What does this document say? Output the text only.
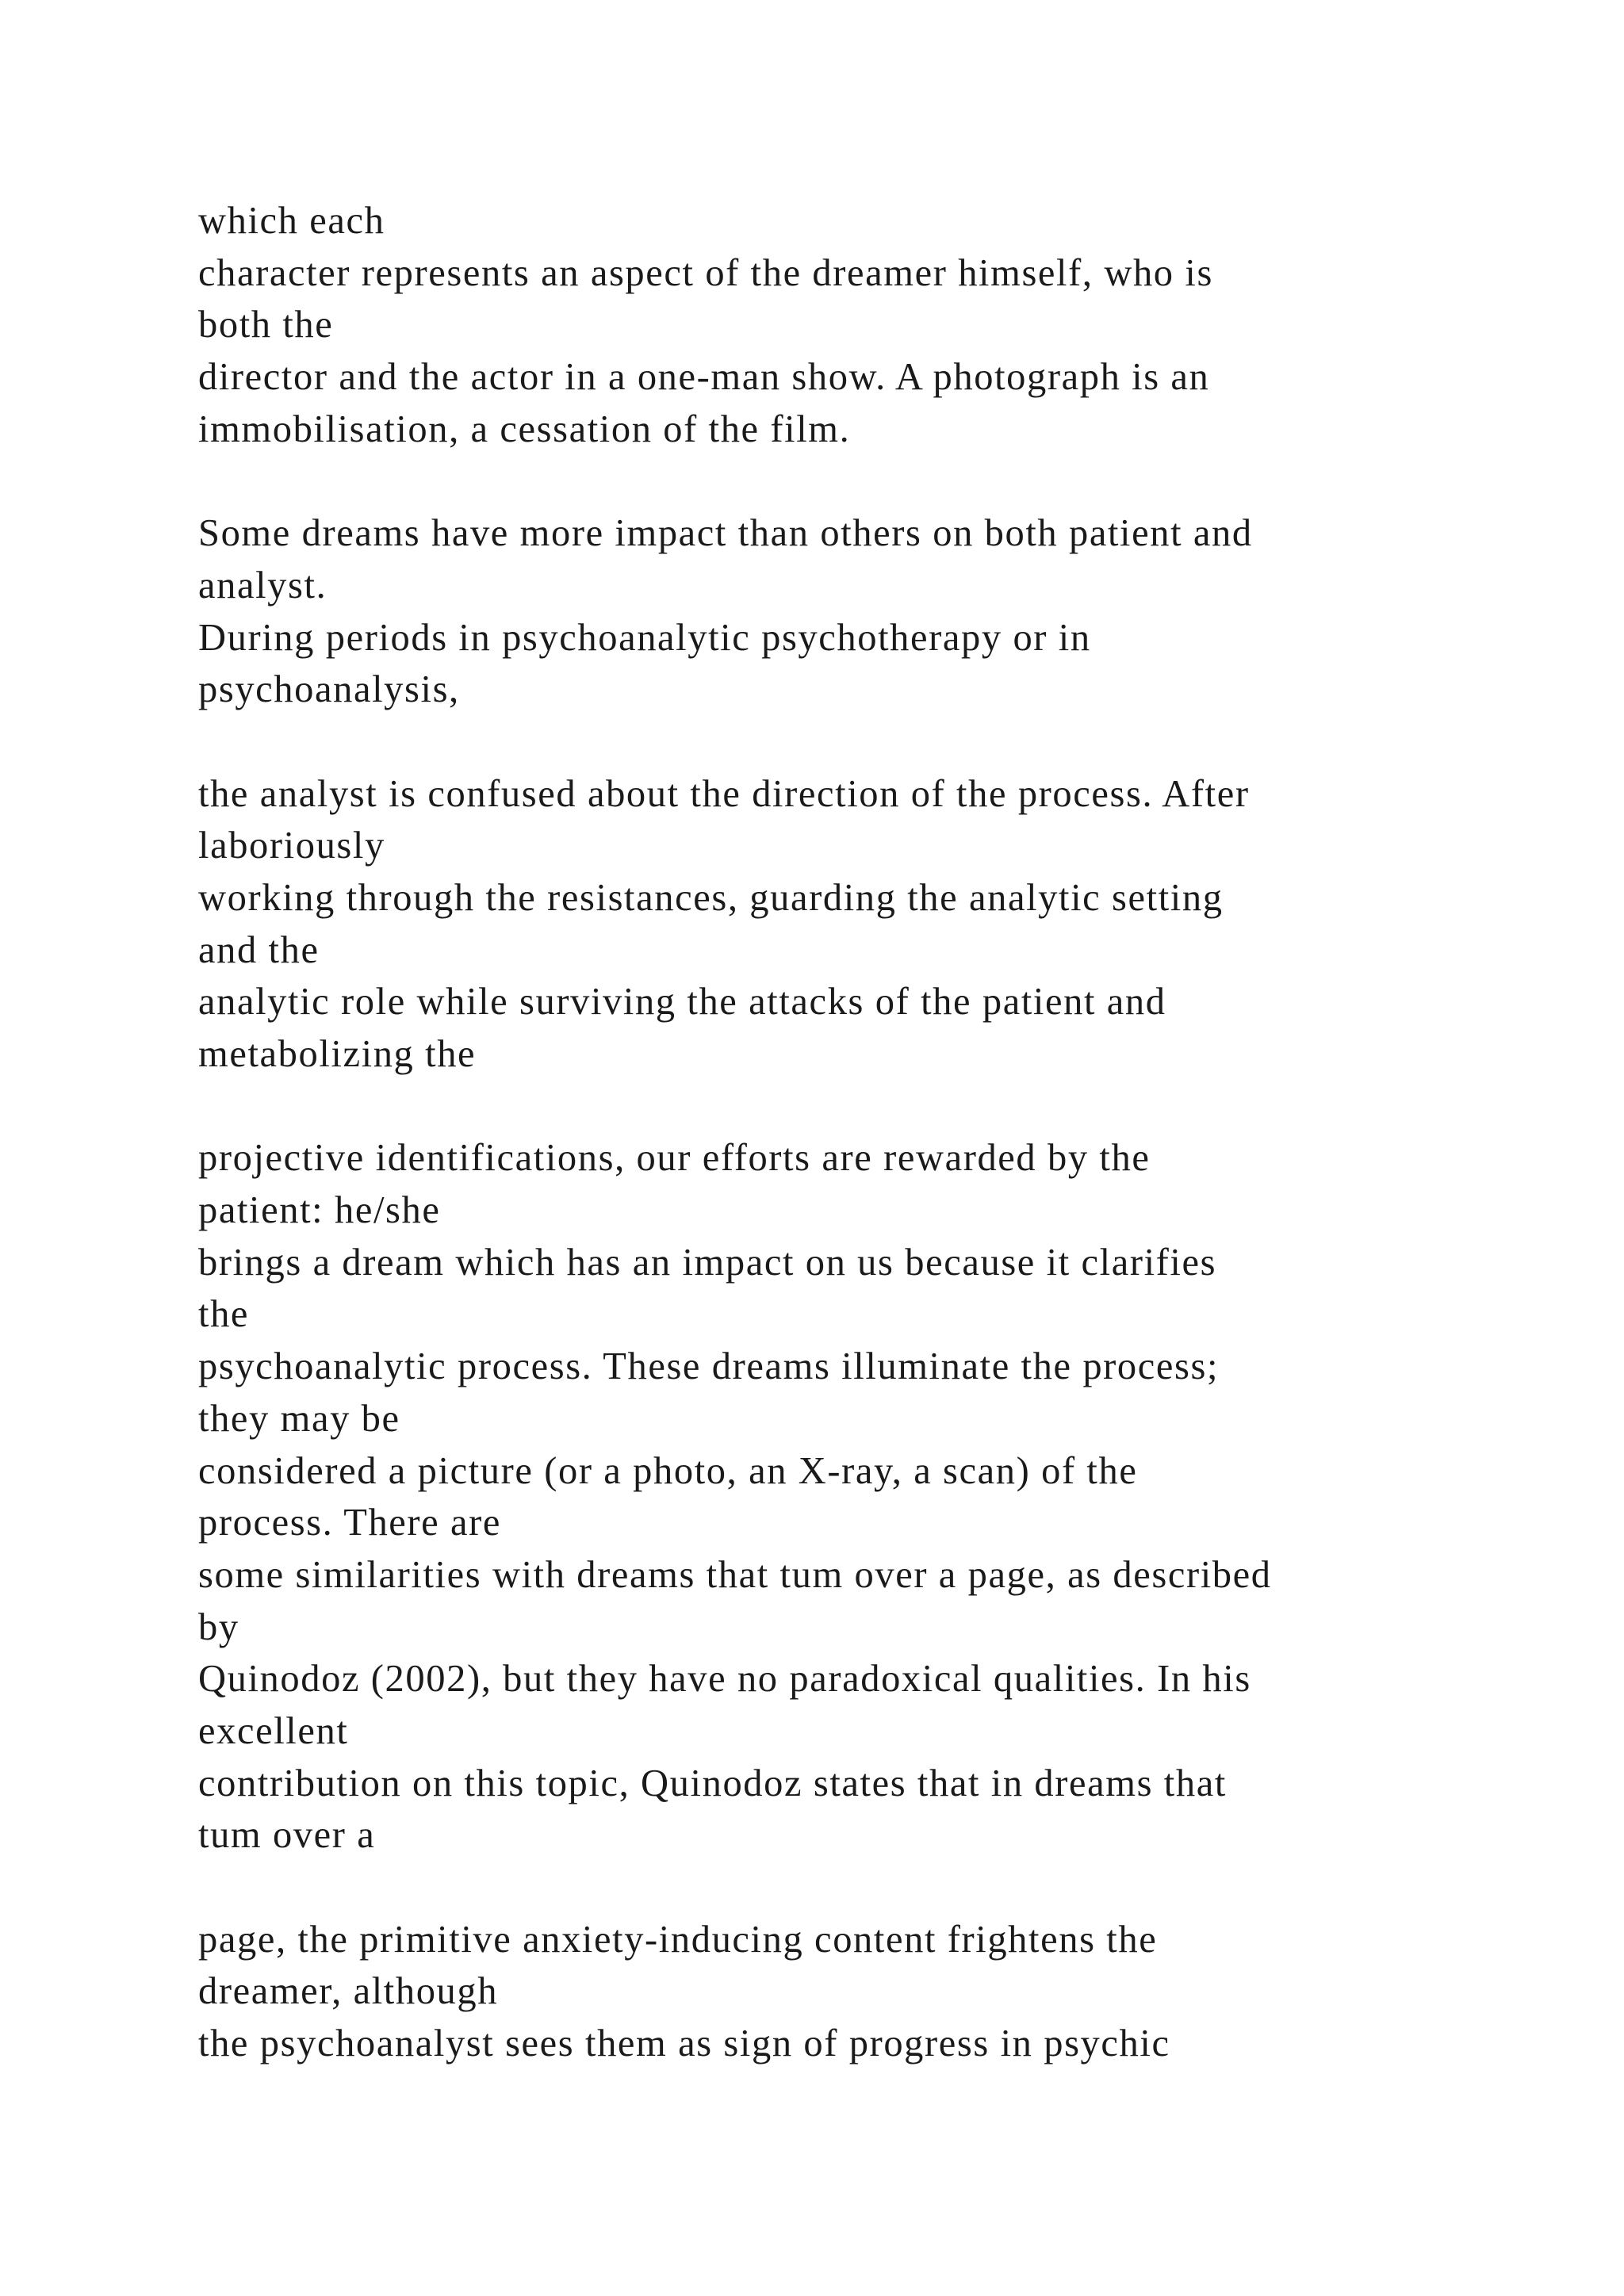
which each
character represents an aspect of the dreamer himself, who is
both the
director and the actor in a one-man show. A photograph is an
immobilisation, a cessation of the film.
Some dreams have more impact than others on both patient and
analyst.
During periods in psychoanalytic psychotherapy or in
psychoanalysis,
the analyst is confused about the direction of the process. After
laboriously
working through the resistances, guarding the analytic setting
and the
analytic role while surviving the attacks of the patient and
metabolizing the
projective identifications, our efforts are rewarded by the
patient: he/she
brings a dream which has an impact on us because it clarifies
the
psychoanalytic process. These dreams illuminate the process;
they may be
considered a picture (or a photo, an X-ray, a scan) of the
process. There are
some similarities with dreams that tum over a page, as described
by
Quinodoz (2002), but they have no paradoxical qualities. In his
excellent
contribution on this topic, Quinodoz states that in dreams that
tum over a
page, the primitive anxiety-inducing content frightens the
dreamer, although
the psychoanalyst sees them as sign of progress in psychic
